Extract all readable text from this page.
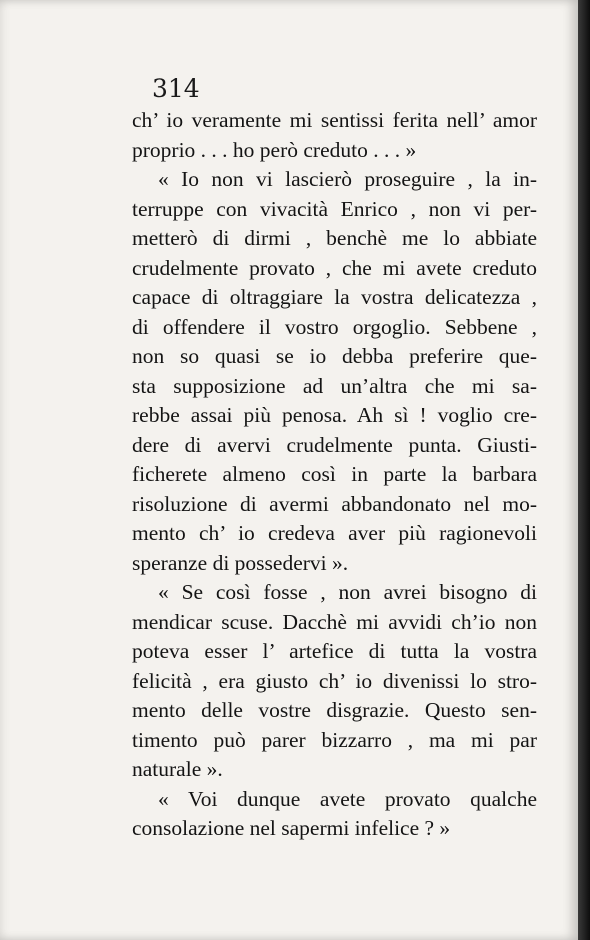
314
ch’ io veramente mi sentissi ferita nell’ amor
proprio . . . ho però creduto . . . »
« Io non vi lascierò proseguire , la in-
terruppe con vivacità Enrico , non vi per-
metterò di dirmi , benchè me lo abbiate
crudelmente provato , che mi avete creduto
capace di oltraggiare la vostra delicatezza ,
di offendere il vostro orgoglio. Sebbene ,
non so quasi se io debba preferire que-
sta supposizione ad un’altra che mi sa-
rebbe assai più penosa. Ah sì ! voglio cre-
dere di avervi crudelmente punta. Giusti-
ficherete almeno così in parte la barbara
risoluzione di avermi abbandonato nel mo-
mento ch’ io credeva aver più ragionevoli
speranze di possedervi ».
« Se così fosse , non avrei bisogno di
mendicar scuse. Dacchè mi avvidi ch’io non
poteva esser l’ artefice di tutta la vostra
felicità , era giusto ch’ io divenissi lo stro-
mento delle vostre disgrazie. Questo sen-
timento può parer bizzarro , ma mi par
naturale ».
« Voi dunque avete provato qualche
consolazione nel sapermi infelice ? »
